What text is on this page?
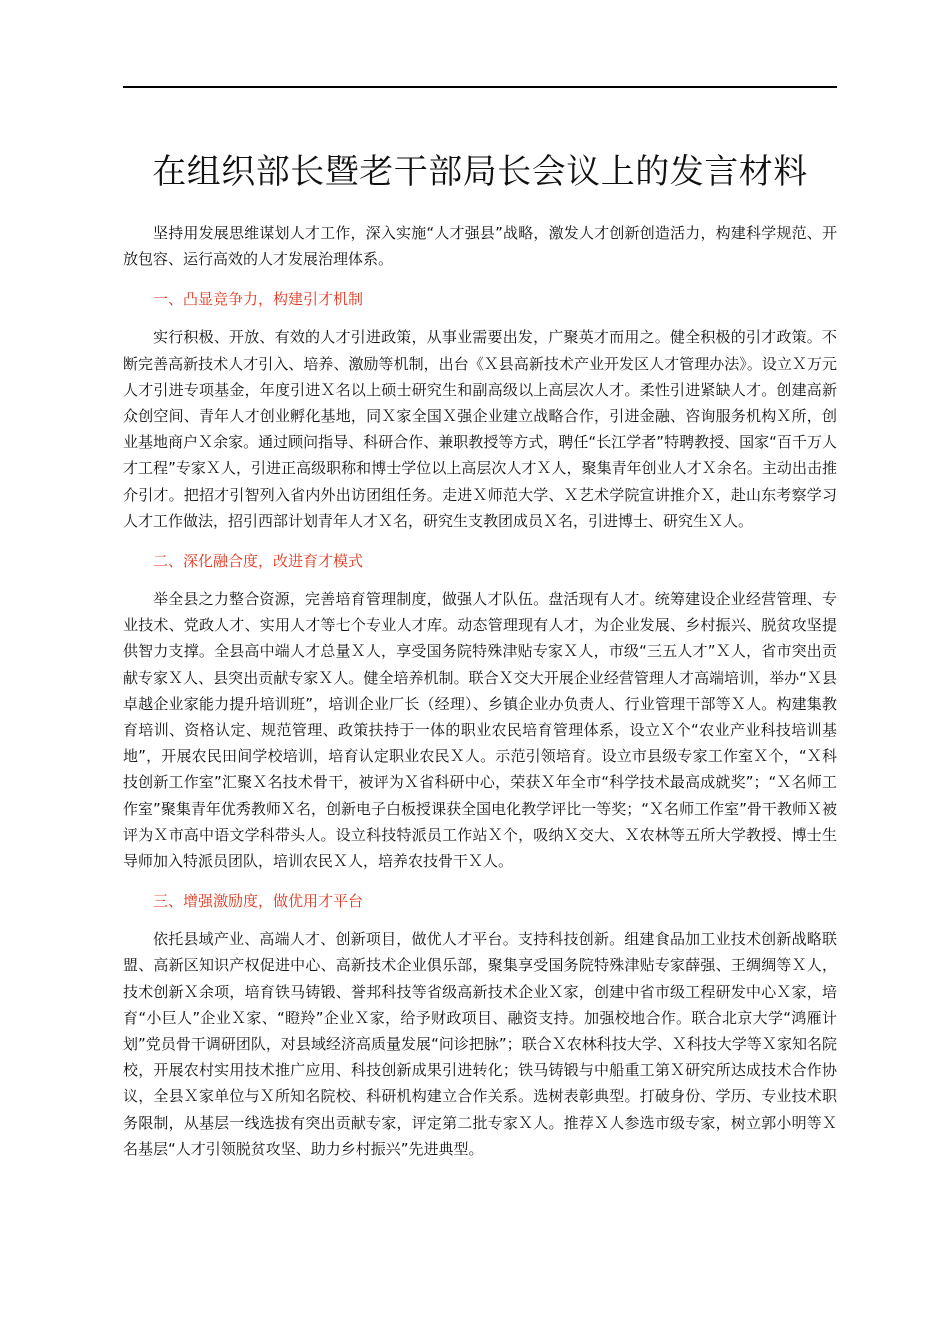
在组织部长暨老干部局长会议上的发言材料

坚持用发展思维谋划人才工作，深入实施“人才强县”战略，激发人才创新创造活力，构建科学规范、开放包容、运行高效的人才发展治理体系。

一、凸显竞争力，构建引才机制

实行积极、开放、有效的人才引进政策，从事业需要出发，广聚英才而用之。健全积极的引才政策。不断完善高新技术人才引入、培养、激励等机制，出台《Ｘ县高新技术产业开发区人才管理办法》。设立Ｘ万元人才引进专项基金，年度引进Ｘ名以上硕士研究生和副高级以上高层次人才。柔性引进紧缺人才。创建高新众创空间、青年人才创业孵化基地，同Ｘ家全国Ｘ强企业建立战略合作，引进金融、咨询服务机构Ｘ所，创业基地商户Ｘ余家。通过顾问指导、科研合作、兼职教授等方式，聘任“长江学者”特聘教授、国家“百千万人才工程”专家Ｘ人，引进正高级职称和博士学位以上高层次人才Ｘ人，聚集青年创业人才Ｘ余名。主动出击推介引才。把招才引智列入省内外出访团组任务。走进Ｘ师范大学、Ｘ艺术学院宣讲推介Ｘ，赴山东考察学习人才工作做法，招引西部计划青年人才Ｘ名，研究生支教团成员Ｘ名，引进博士、研究生Ｘ人。

二、深化融合度，改进育才模式

举全县之力整合资源，完善培育管理制度，做强人才队伍。盘活现有人才。统筹建设企业经营管理、专业技术、党政人才、实用人才等七个专业人才库。动态管理现有人才，为企业发展、乡村振兴、脱贫攻坚提供智力支撑。全县高中端人才总量Ｘ人，享受国务院特殊津贴专家Ｘ人，市级“三五人才”Ｘ人，省市突出贡献专家Ｘ人、县突出贡献专家Ｘ人。健全培养机制。联合Ｘ交大开展企业经营管理人才高端培训，举办“Ｘ县卓越企业家能力提升培训班”，培训企业厂长（经理）、乡镇企业办负责人、行业管理干部等Ｘ人。构建集教育培训、资格认定、规范管理、政策扶持于一体的职业农民培育管理体系，设立Ｘ个“农业产业科技培训基地”，开展农民田间学校培训，培育认定职业农民Ｘ人。示范引领培育。设立市县级专家工作室Ｘ个，“Ｘ科技创新工作室”汇聚Ｘ名技术骨干，被评为Ｘ省科研中心，荣获Ｘ年全市“科学技术最高成就奖”；“Ｘ名师工作室”聚集青年优秀教师Ｘ名，创新电子白板授课获全国电化教学评比一等奖；“Ｘ名师工作室”骨干教师Ｘ被评为Ｘ市高中语文学科带头人。设立科技特派员工作站Ｘ个，吸纳Ｘ交大、Ｘ农林等五所大学教授、博士生导师加入特派员团队，培训农民Ｘ人，培养农技骨干Ｘ人。

三、增强激励度，做优用才平台

依托县域产业、高端人才、创新项目，做优人才平台。支持科技创新。组建食品加工业技术创新战略联盟、高新区知识产权促进中心、高新技术企业俱乐部，聚集享受国务院特殊津贴专家薛强、王绸绸等Ｘ人，技术创新Ｘ余项，培育铁马铸锻、誉邦科技等省级高新技术企业Ｘ家，创建中省市级工程研发中心Ｘ家，培育“小巨人”企业Ｘ家、“瞪羚”企业Ｘ家，给予财政项目、融资支持。加强校地合作。联合北京大学“鸿雁计划”党员骨干调研团队，对县域经济高质量发展“问诊把脉”；联合Ｘ农林科技大学、Ｘ科技大学等Ｘ家知名院校，开展农村实用技术推广应用、科技创新成果引进转化；铁马铸锻与中船重工第Ｘ研究所达成技术合作协议，全县Ｘ家单位与Ｘ所知名院校、科研机构建立合作关系。选树表彰典型。打破身份、学历、专业技术职务限制，从基层一线选拔有突出贡献专家，评定第二批专家Ｘ人。推荐Ｘ人参选市级专家，树立郭小明等Ｘ名基层“人才引领脱贫攻坚、助力乡村振兴”先进典型。
